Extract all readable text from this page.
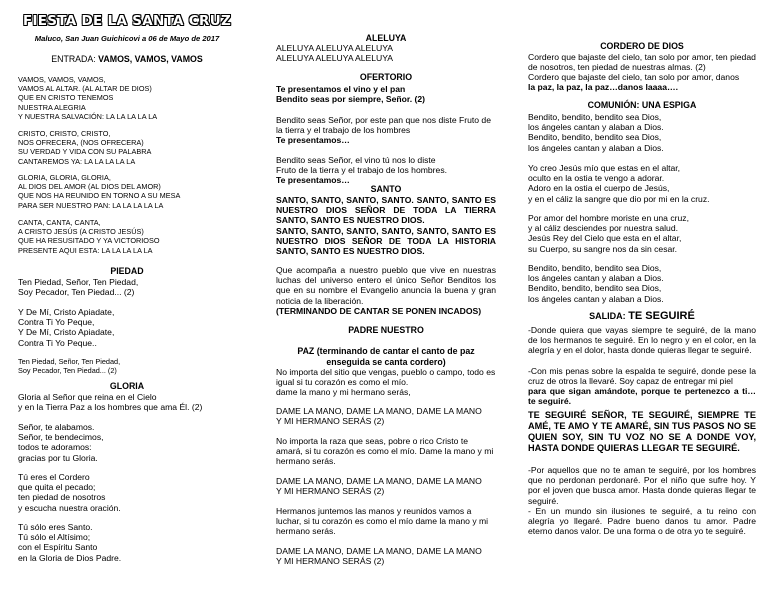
FIESTA DE LA SANTA CRUZ
Maluco, San Juan Guichicovi a 06 de Mayo de 2017
ENTRADA: VAMOS, VAMOS, VAMOS
VAMOS, VAMOS, VAMOS,
VAMOS AL ALTAR. (AL ALTAR DE DIOS)
QUE EN CRISTO TENEMOS
NUESTRA ALEGRIA
Y NUESTRA SALVACIÓN: LA LA LA LA LA
CRISTO, CRISTO, CRISTO,
NOS OFRECERA, (NOS OFRECERA)
SU VERDAD Y VIDA CON SU PALABRA
CANTAREMOS YA: LA LA LA LA LA
GLORIA, GLORIA, GLORIA,
AL DIOS DEL AMOR (AL DIOS DEL AMOR)
QUE NOS HA REUNIDO EN TORNO A SU MESA
PARA SER NUESTRO PAN: LA LA LA LA LA
CANTA, CANTA, CANTA,
A CRISTO JESÚS (A CRISTO JESÚS)
QUE HA RESUSITADO Y YA VICTORIOSO
PRESENTE AQUI ESTA: LA LA LA LA LA
PIEDAD
Ten Piedad, Señor, Ten Piedad,
Soy Pecador, Ten Piedad... (2)
Y De Mí, Cristo Apiadate,
Contra Ti Yo Peque,
Y De Mí, Cristo Apiadate,
Contra Ti Yo Peque..
Ten Piedad, Señor, Ten Piedad,
Soy Pecador, Ten Piedad... (2)
GLORIA
Gloria al Señor que reina en el Cielo
y en la Tierra Paz a los hombres que ama Él. (2)
Señor, te alabamos.
Señor, te bendecimos,
todos te adoramos:
gracias por tu Gloria.
Tú eres el Cordero
que quita el pecado;
ten piedad de nosotros
y escucha nuestra oración.
Tú sólo eres Santo.
Tú sólo el Altísimo;
con el Espíritu Santo
en la Gloria de Dios Padre.
ALELUYA
ALELUYA ALELUYA ALELUYA
ALELUYA ALELUYA ALELUYA
OFERTORIO
Te presentamos el vino y el pan
Bendito seas por siempre, Señor. (2)
Bendito seas Señor, por este pan que nos diste Fruto de la tierra y el trabajo de los hombres
Te presentamos…
Bendito seas Señor, el vino tú nos lo diste
Fruto de la tierra y el trabajo de los hombres.
Te presentamos…
SANTO
SANTO, SANTO, SANTO, SANTO. SANTO, SANTO ES NUESTRO DIOS SEÑOR DE TODA LA TIERRA SANTO, SANTO ES NUESTRO DIOS.
SANTO, SANTO, SANTO, SANTO, SANTO, SANTO ES NUESTRO DIOS SEÑOR DE TODA LA HISTORIA SANTO, SANTO ES NUESTRO DIOS.
Que acompaña a nuestro pueblo que vive en nuestras luchas del universo entero el único Señor Benditos los que en su nombre el Evangelio anuncia la buena y gran noticia de la liberación.
(TERMINANDO DE CANTAR SE PONEN INCADOS)
PADRE NUESTRO
PAZ (terminando de cantar el canto de paz
enseguida se canta cordero)
No importa del sitio que vengas, pueblo o campo, todo es igual si tu corazón es como el mío.
dame la mano y mi hermano serás,
DAME LA MANO, DAME LA MANO, DAME LA MANO
Y MI HERMANO SERÁS (2)
No importa la raza que seas, pobre o rico Cristo te amará, si tu corazón es como el mío. Dame la mano y mi hermano serás.
DAME LA MANO, DAME LA MANO, DAME LA MANO
Y MI HERMANO SERÁS (2)
Hermanos juntemos las manos y reunidos vamos a luchar, si tu corazón es como el mío dame la mano y mi hermano serás.
DAME LA MANO, DAME LA MANO, DAME LA MANO
Y MI HERMANO SERÁS (2)
CORDERO DE DIOS
Cordero que bajaste del cielo, tan solo por amor, ten piedad de nosotros, ten piedad de nuestras almas. (2)
Cordero que bajaste del cielo, tan solo por amor, danos
la paz, la paz, la paz…danos laaaa….
COMUNIÓN: UNA ESPIGA
Bendito, bendito, bendito sea Dios,
los ángeles cantan y alaban a Dios.
Bendito, bendito, bendito sea Dios,
los ángeles cantan y alaban a Dios.
Yo creo Jesús mío que estas en el altar,
oculto en la ostia te vengo a adorar.
Adoro en la ostia el cuerpo de Jesús,
y en el cáliz la sangre que dio por mi en la cruz.
Por amor del hombre moriste en una cruz,
y al cáliz desciendes por nuestra salud.
Jesús Rey del Cielo que esta en el altar,
su Cuerpo, su sangre nos da sin cesar.
Bendito, bendito, bendito sea Dios,
los ángeles cantan y alaban a Dios.
Bendito, bendito, bendito sea Dios,
los ángeles cantan y alaban a Dios.
SALIDA: TE SEGUIRÉ
-Donde quiera que vayas siempre te seguiré, de la mano de los hermanos te seguiré. En lo negro y en el color, en la alegría y en el dolor, hasta donde quieras llegar te seguiré.
-Con mis penas sobre la espalda te seguiré, donde pese la cruz de otros la llevaré. Soy capaz de entregar mi piel
para que sigan amándote, porque te pertenezco a ti… te seguiré.
TE SEGUIRÉ SEÑOR, TE SEGUIRÉ, SIEMPRE TE AMÉ, TE AMO Y TE AMARÉ, SIN TUS PASOS NO SE QUIEN SOY, SIN TU VOZ NO SE A DONDE VOY, HASTA DONDE QUIERAS LLEGAR TE SEGUIRÉ.
-Por aquellos que no te aman te seguiré, por los hombres que no perdonan perdonaré. Por el niño que sufre hoy. Y por el joven que busca amor. Hasta donde quieras llegar te seguiré.
- En un mundo sin ilusiones te seguiré, a tu reino con alegría yo llegaré. Padre bueno danos tu amor. Padre eterno danos valor. De una forma o de otra yo te seguiré.
